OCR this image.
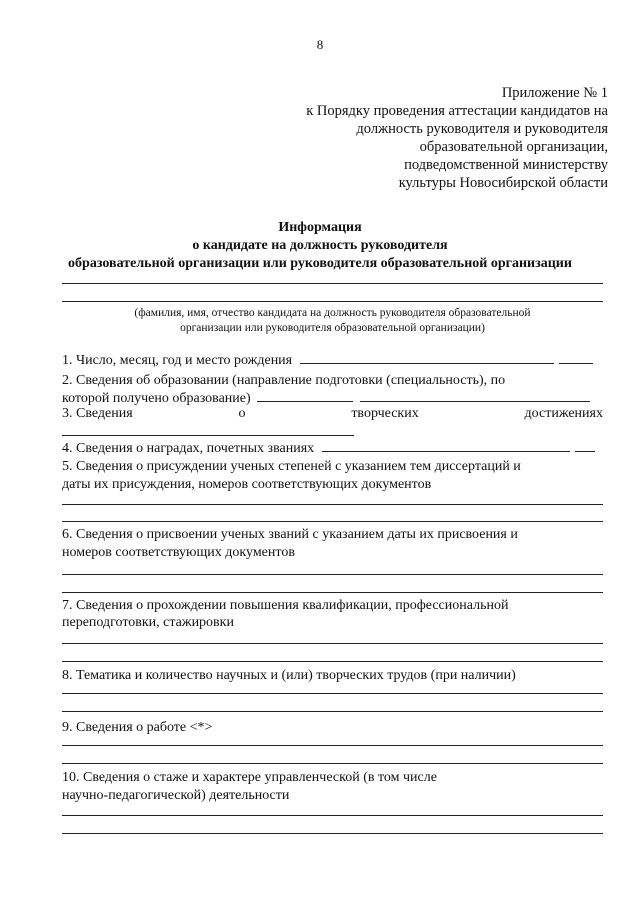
8
Приложение № 1
к Порядку проведения аттестации кандидатов на
должность руководителя и руководителя
образовательной организации,
подведомственной министерству
культуры Новосибирской области
Информация
о кандидате на должность руководителя
образовательной организации или руководителя образовательной организации
(фамилия, имя, отчество кандидата на должность руководителя образовательной
организации или руководителя образовательной организации)
1. Число, месяц, год и место рождения
2. Сведения об образовании (направление подготовки (специальность), по
которой получено образование)
3. Сведения	о	творческих	достижениях
4. Сведения о наградах, почетных званиях
5. Сведения о присуждении ученых степеней с указанием тем диссертаций и
даты их присуждения, номеров соответствующих документов
6. Сведения о присвоении ученых званий с указанием даты их присвоения и
номеров соответствующих документов
7. Сведения о прохождении повышения квалификации, профессиональной
переподготовки, стажировки
8. Тематика и количество научных и (или) творческих трудов (при наличии)
9. Сведения о работе <*>
10. Сведения о стаже и характере управленческой (в том числе
научно-педагогической) деятельности
